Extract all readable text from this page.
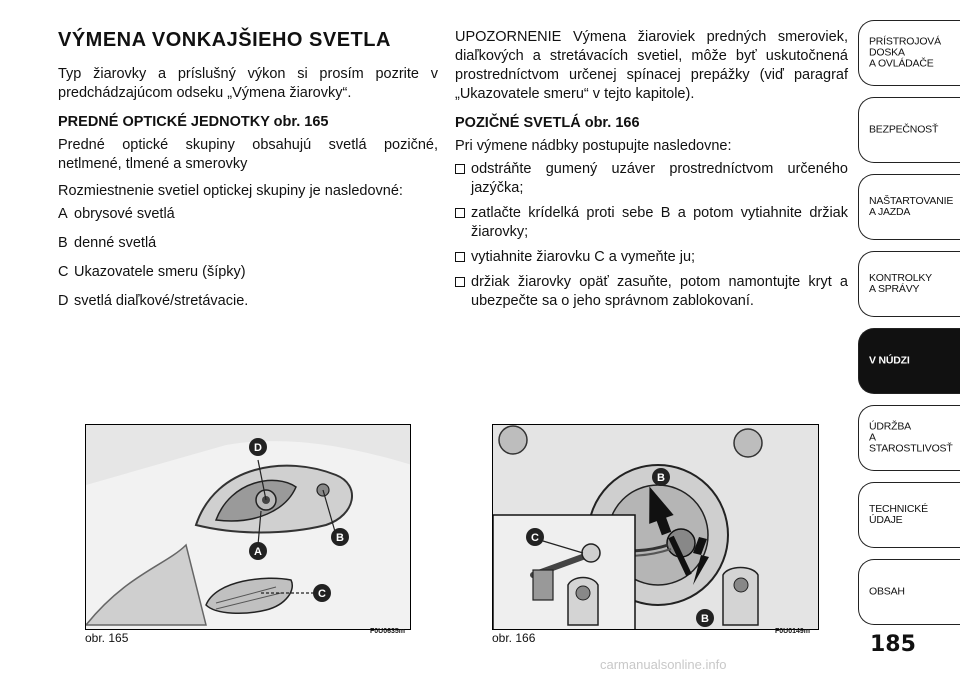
VÝMENA VONKAJŠIEHO SVETLA
Typ žiarovky a príslušný výkon si prosím pozrite v predchádzajúcom odseku „Výmena žiarovky“.
PREDNÉ OPTICKÉ JEDNOTKY obr. 165
Predné optické skupiny obsahujú svetlá pozičné, netlmené, tlmené a smerovky
Rozmiestnenie svetiel optickej skupiny je nasledovné:
A obrysové svetlá
B denné svetlá
C Ukazovatele smeru (šípky)
D svetlá diaľkové/stretávacie.
UPOZORNENIE Výmena žiaroviek predných smeroviek, diaľkových a stretávacích svetiel, môže byť uskutočnená prostredníctvom určenej spínacej prepážky (viď paragraf „Ukazovatele smeru“ v tejto kapitole).
POZIČNÉ SVETLÁ obr. 166
Pri výmene nádbky postupujte nasledovne:
odstráňte gumený uzáver prostredníctvom určeného jazýčka;
zatlačte krídelká proti sebe B a potom vytiahnite držiak žiarovky;
vytiahnite žiarovku C a vymeňte ju;
držiak žiarovky opäť zasuňte, potom namontujte kryt a ubezpečte sa o jeho správnom zablokovaní.
D
A
B
C
obr. 165	F0U0635m
B
C
B
obr. 166	F0U0149m
185
PRÍSTROJOVÁ
DOSKA
A OVLÁDAČE
BEZPEČNOSŤ
NAŠTARTOVANIE
A JAZDA
KONTROLKY
A SPRÁVY
V NÚDZI
ÚDRŽBA
A STAROSTLIVOSŤ
TECHNICKÉ ÚDAJE
OBSAH
carmanualsonline.info
